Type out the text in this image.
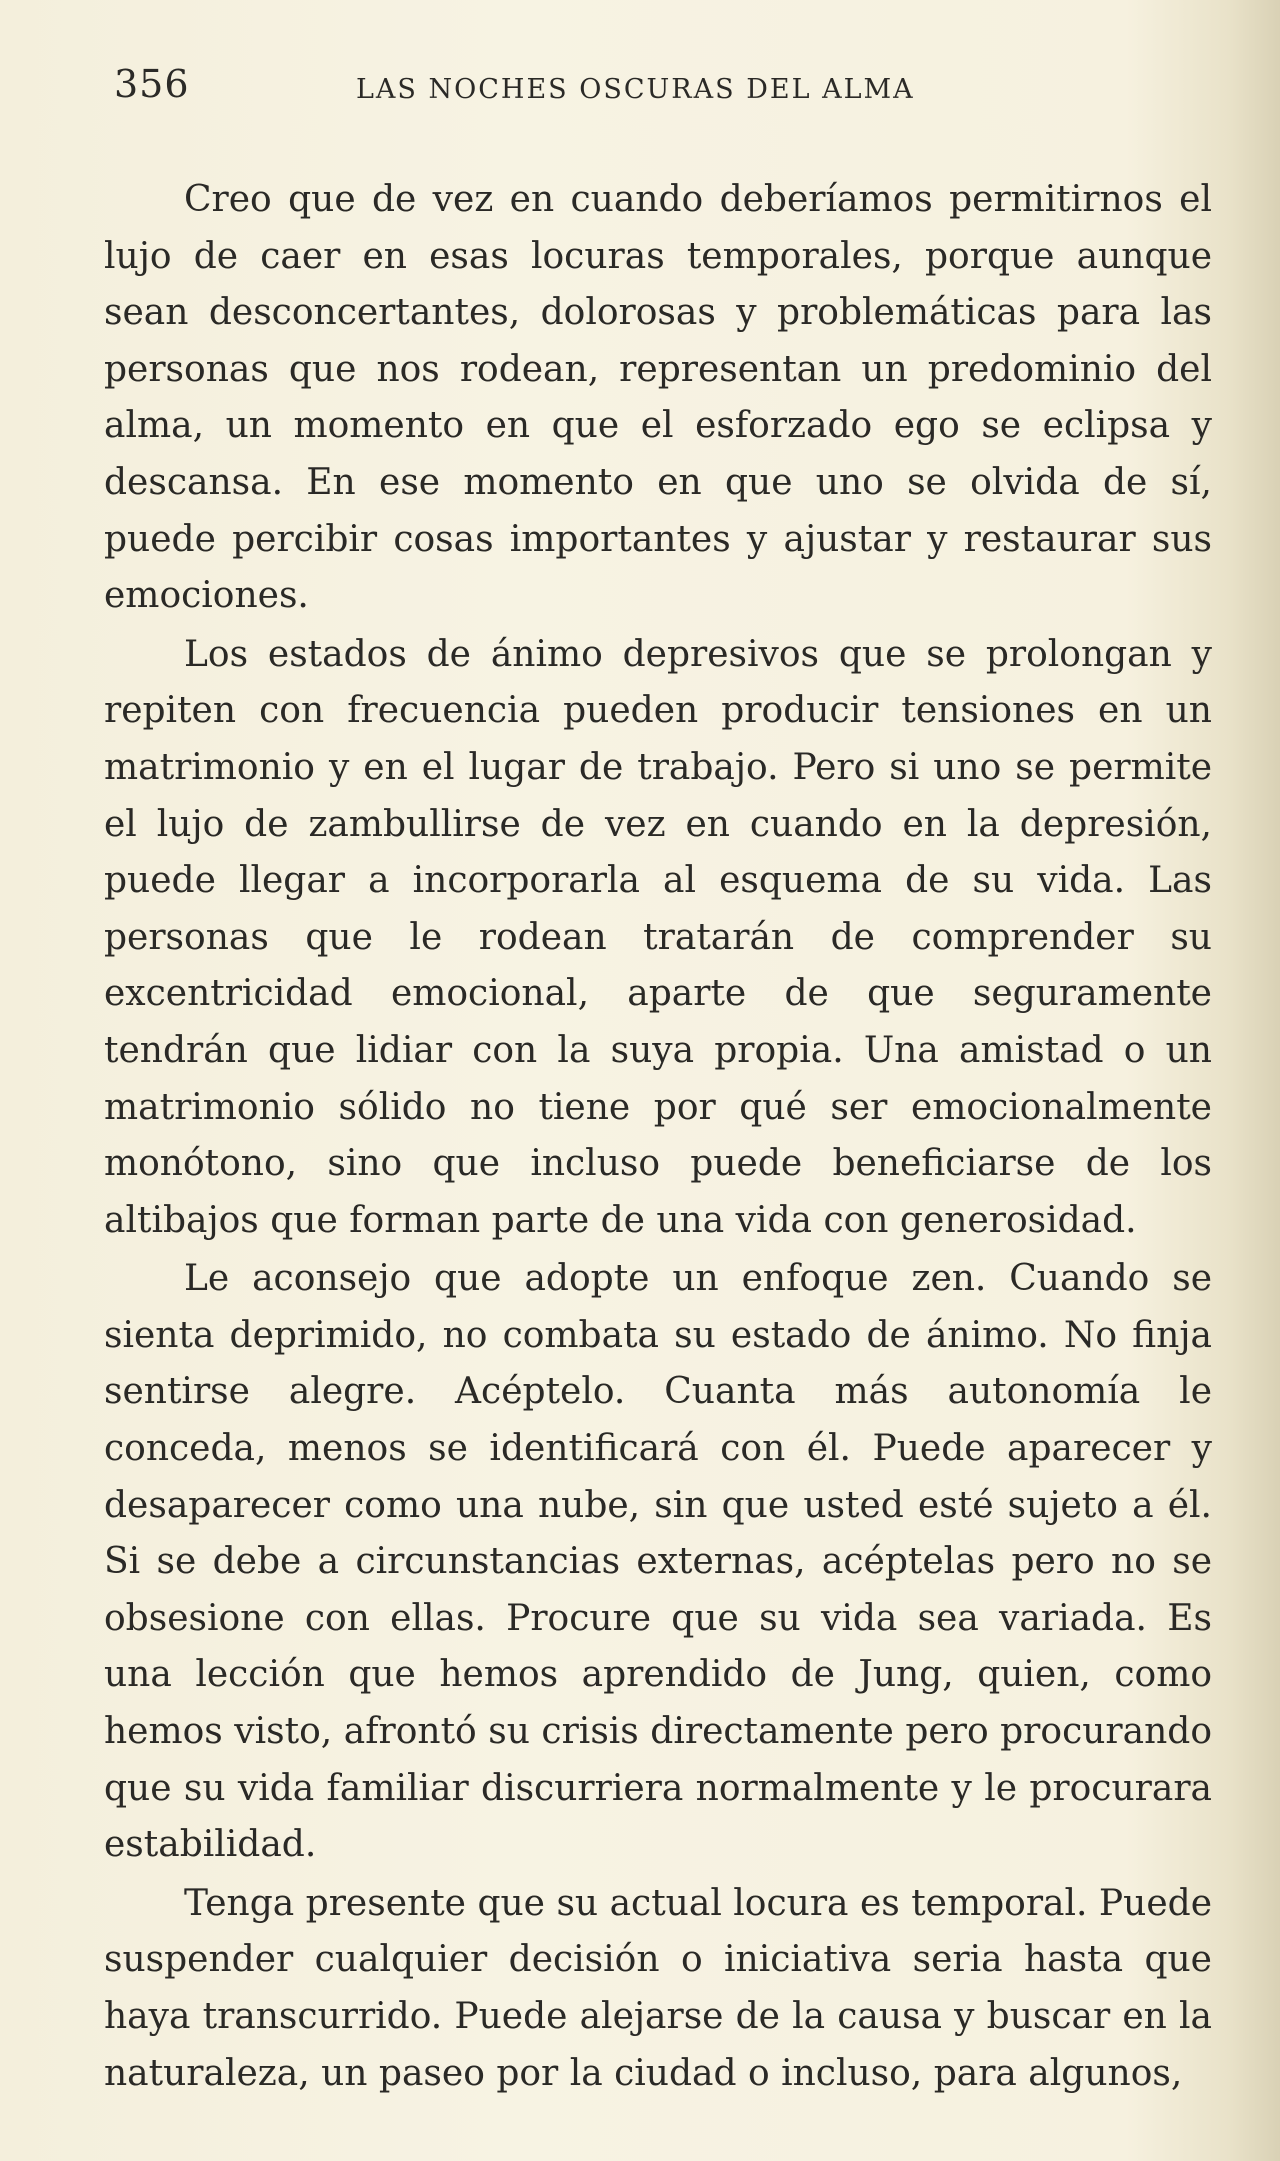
356	LAS NOCHES OSCURAS DEL ALMA

Creo que de vez en cuando deberíamos permitirnos el lujo de caer en esas locuras temporales, porque aunque sean desconcertantes, dolorosas y problemáticas para las personas que nos rodean, representan un predominio del alma, un momento en que el esforzado ego se eclipsa y descansa. En ese momento en que uno se olvida de sí, puede percibir cosas importantes y ajustar y restaurar sus emociones.

Los estados de ánimo depresivos que se prolongan y repiten con frecuencia pueden producir tensiones en un matrimonio y en el lugar de trabajo. Pero si uno se permite el lujo de zambullirse de vez en cuando en la depresión, puede llegar a incorporarla al esquema de su vida. Las personas que le rodean tratarán de comprender su excentricidad emocional, aparte de que seguramente tendrán que lidiar con la suya propia. Una amistad o un matrimonio sólido no tiene por qué ser emocionalmente monótono, sino que incluso puede beneficiarse de los altibajos que forman parte de una vida con generosidad.

Le aconsejo que adopte un enfoque zen. Cuando se sienta deprimido, no combata su estado de ánimo. No finja sentirse alegre. Acéptelo. Cuanta más autonomía le conceda, menos se identificará con él. Puede aparecer y desaparecer como una nube, sin que usted esté sujeto a él. Si se debe a circunstancias externas, acéptelas pero no se obsesione con ellas. Procure que su vida sea variada. Es una lección que hemos aprendido de Jung, quien, como hemos visto, afrontó su crisis directamente pero procurando que su vida familiar discurriera normalmente y le procurara estabilidad.

Tenga presente que su actual locura es temporal. Puede suspender cualquier decisión o iniciativa seria hasta que haya transcurrido. Puede alejarse de la causa y buscar en la naturaleza, un paseo por la ciudad o incluso, para algunos,
